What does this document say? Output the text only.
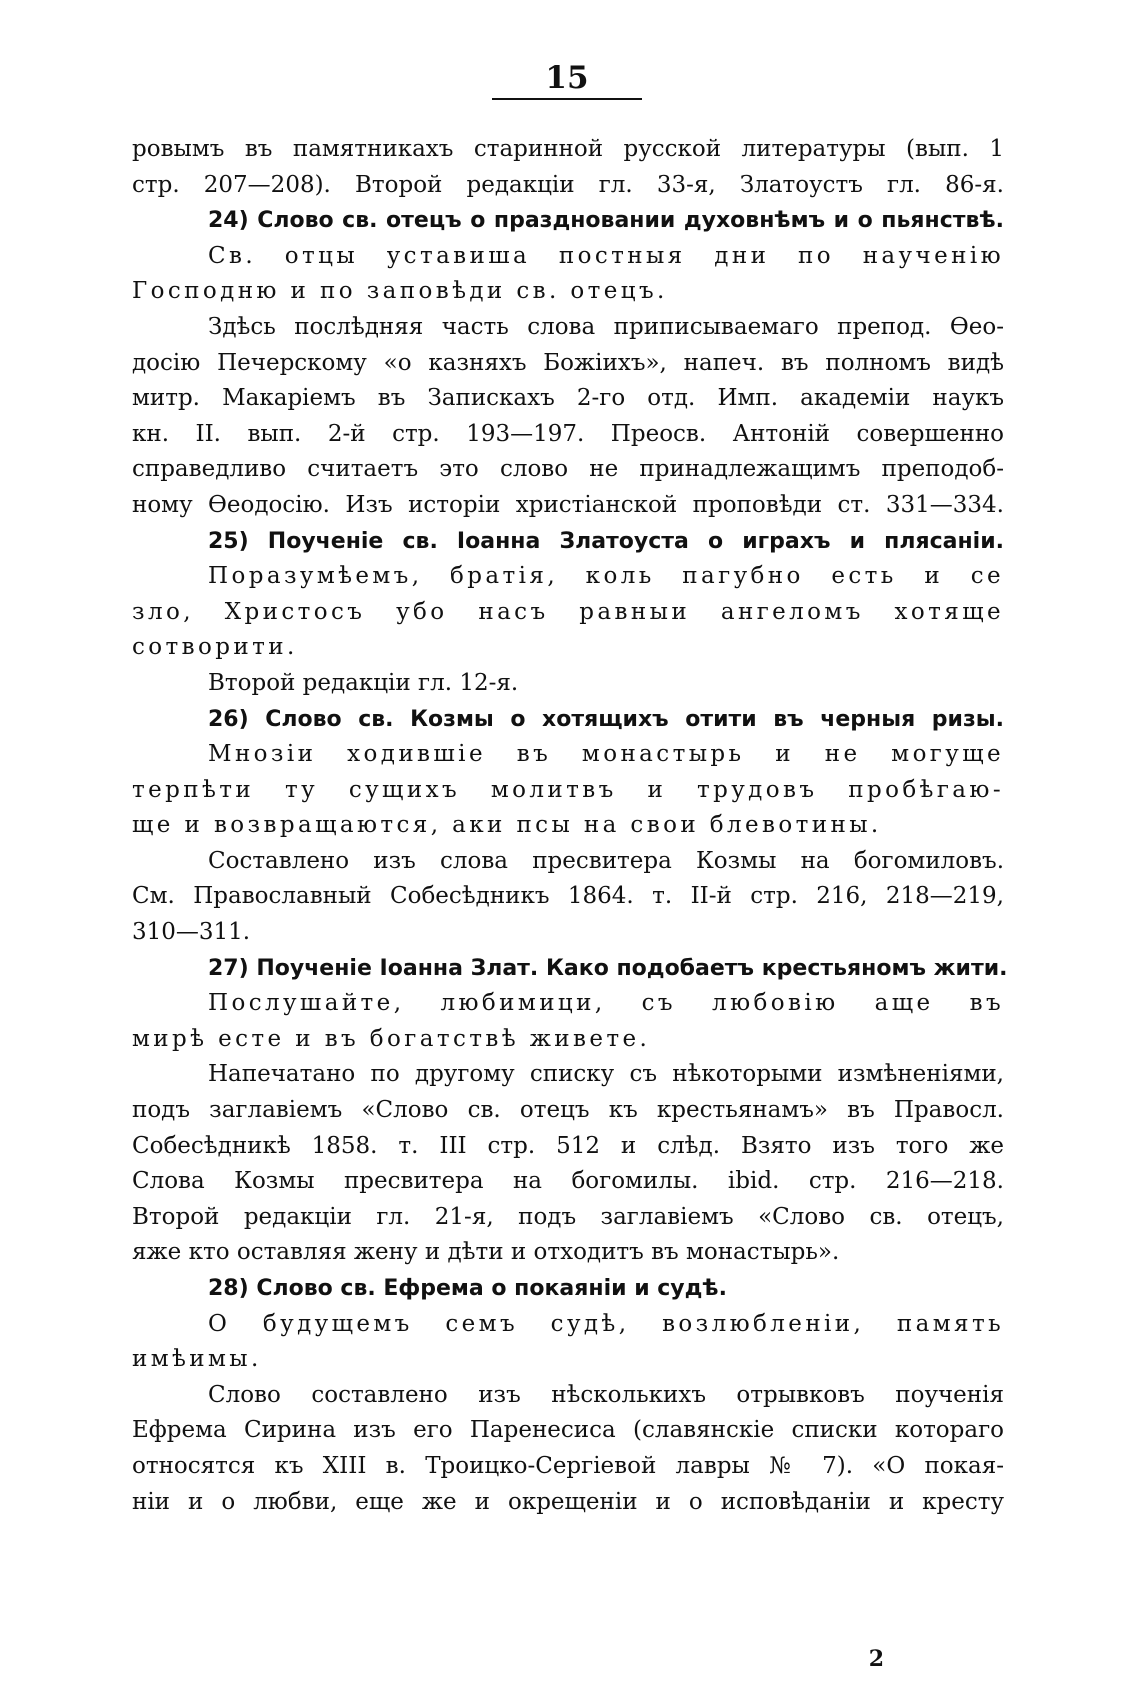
15
ровымъ въ памятникахъ старинной русской литературы (вып. 1
стр. 207—208). Второй редакціи гл. 33-я, Златоустъ гл. 86-я.
24) Слово св. отецъ о праздновании духовнѣмъ и о пьянствѣ.
Св. отцы уставиша постныя дни по наученію
Господню и по заповѣди св. отецъ.
Здѣсь послѣдняя часть слова приписываемаго препод. Өео-
досію Печерскому «о казняхъ Божіихъ», напеч. въ полномъ видѣ
митр. Макаріемъ въ Запискахъ 2-го отд. Имп. академіи наукъ
кн. II. вып. 2-й стр. 193—197. Преосв. Антоній совершенно
справедливо считаетъ это слово не принадлежащимъ преподоб-
ному Өеодосію. Изъ исторіи христіанской проповѣди ст. 331—334.
25) Поученіе св. Іоанна Златоуста о играхъ и плясаніи.
Поразумѣемъ, братія, коль пагубно есть и се
зло, Христосъ убо насъ равныи ангеломъ хотяще
сотворити.
Второй редакціи гл. 12-я.
26) Слово св. Козмы о хотящихъ отити въ черныя ризы.
Мнозіи ходившіе въ монастырь и не могуще
терпѣти ту сущихъ молитвъ и трудовъ пробѣгаю-
ще и возвращаются, аки псы на свои блевотины.
Составлено изъ слова пресвитера Козмы на богомиловъ.
См. Православный Собесѣдникъ 1864. т. II-й стр. 216, 218—219,
310—311.
27) Поученіе Іоанна Злат. Како подобаетъ крестьяномъ жити.
Послушайте, любимици, съ любовію аще въ
мирѣ есте и въ богатствѣ живете.
Напечатано по другому списку съ нѣкоторыми измѣненіями,
подъ заглавіемъ «Слово св. отецъ къ крестьянамъ» въ Правосл.
Собесѣдникѣ 1858. т. III стр. 512 и слѣд. Взято изъ того же
Слова Козмы пресвитера на богомилы. ibid. стр. 216—218.
Второй редакціи гл. 21-я, подъ заглавіемъ «Слово св. отецъ,
яже кто оставляя жену и дѣти и отходитъ въ монастырь».
28) Слово св. Ефрема о покаяніи и судѣ.
О будущемъ семъ судѣ, возлюбленіи, память
имѣимы.
Слово составлено изъ нѣсколькихъ отрывковъ поученія
Ефрема Сирина изъ его Паренесиса (славянскіе списки котораго
относятся къ XIII в. Троицко-Сергіевой лавры № 7). «О покая-
ніи и о любви, еще же и окрещеніи и о исповѣданіи и кресту
2
